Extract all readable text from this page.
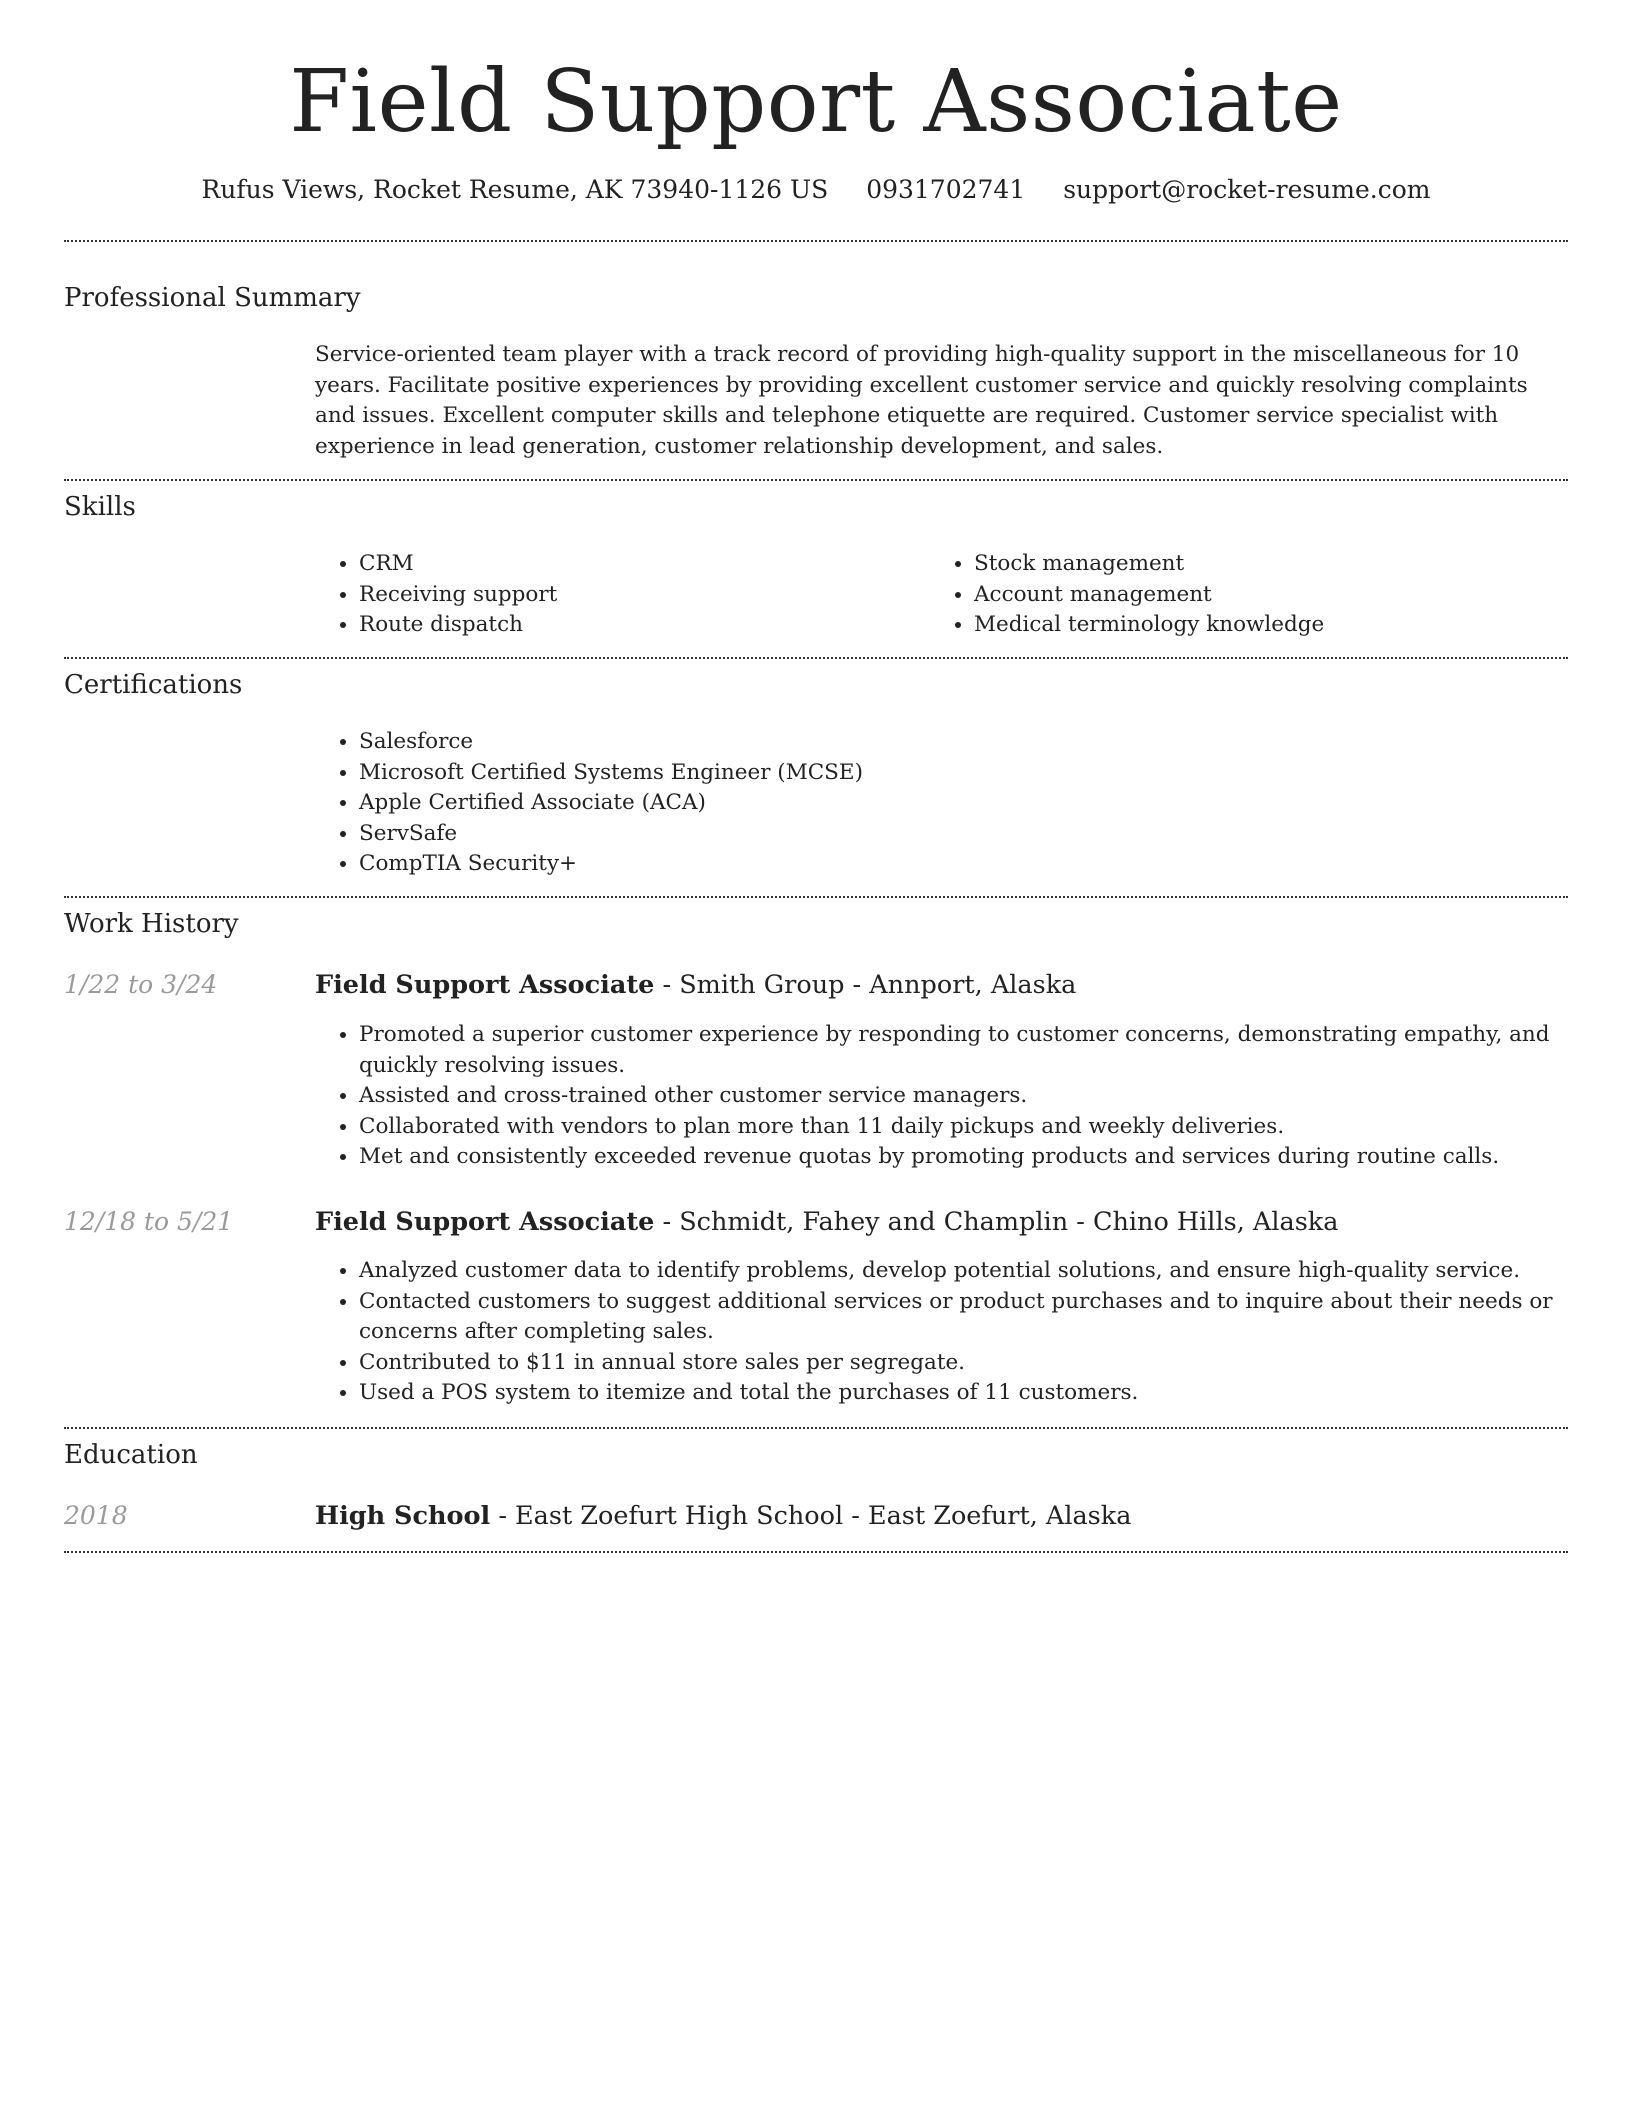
Field Support Associate
Rufus Views, Rocket Resume, AK 73940-1126 US 0931702741 support@rocket-resume.com
Professional Summary

Service-oriented team player with a track record of providing high-quality support in the miscellaneous for 10 years. Facilitate positive experiences by providing excellent customer service and quickly resolving complaints and issues. Excellent computer skills and telephone etiquette are required. Customer service specialist with experience in lead generation, customer relationship development, and sales.

Skills
• CRM
• Receiving support
• Route dispatch
• Stock management
• Account management
• Medical terminology knowledge
Certifications
• Salesforce
• Microsoft Certified Systems Engineer (MCSE)
• Apple Certified Associate (ACA)
• ServSafe
• CompTIA Security+
Work History
1/22 to 3/24	Field Support Associate - Smith Group - Annport, Alaska
• Promoted a superior customer experience by responding to customer concerns, demonstrating empathy, and quickly resolving issues.
• Assisted and cross-trained other customer service managers.
• Collaborated with vendors to plan more than 11 daily pickups and weekly deliveries.
• Met and consistently exceeded revenue quotas by promoting products and services during routine calls.
12/18 to 5/21	Field Support Associate - Schmidt, Fahey and Champlin - Chino Hills, Alaska
• Analyzed customer data to identify problems, develop potential solutions, and ensure high-quality service.
• Contacted customers to suggest additional services or product purchases and to inquire about their needs or concerns after completing sales.
• Contributed to $11 in annual store sales per segregate.
• Used a POS system to itemize and total the purchases of 11 customers.
Education
2018	High School - East Zoefurt High School - East Zoefurt, Alaska
